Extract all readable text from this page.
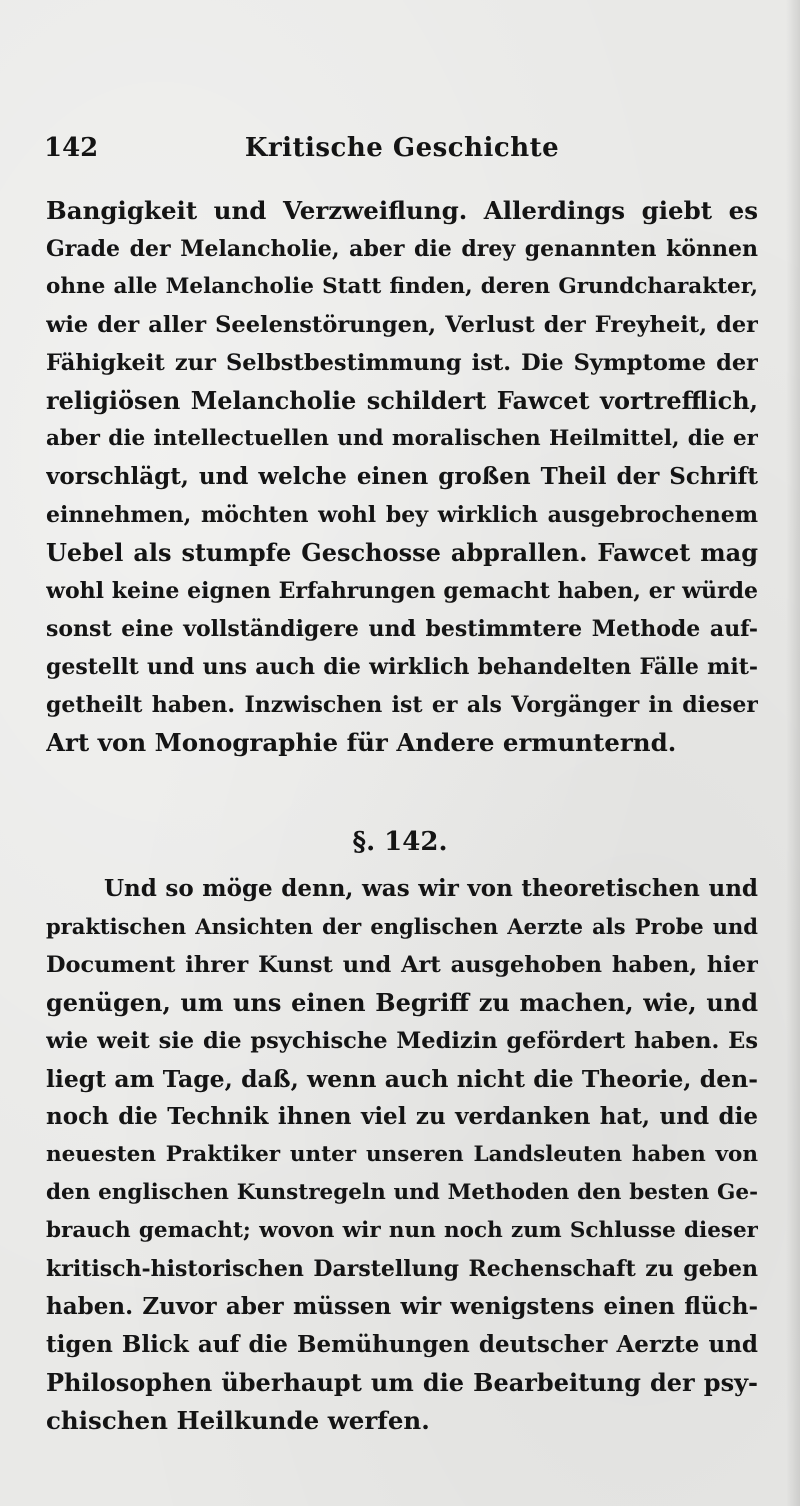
142	Kritische Geschichte
Bangigkeit und Verzweiflung. Allerdings giebt es
Grade der Melancholie, aber die drey genannten können
ohne alle Melancholie Statt finden, deren Grundcharakter,
wie der aller Seelenstörungen, Verlust der Freyheit, der
Fähigkeit zur Selbstbestimmung ist. Die Symptome der
religiösen Melancholie schildert Fawcet vortrefflich,
aber die intellectuellen und moralischen Heilmittel, die er
vorschlägt, und welche einen großen Theil der Schrift
einnehmen, möchten wohl bey wirklich ausgebrochenem
Uebel als stumpfe Geschosse abprallen. Fawcet mag
wohl keine eignen Erfahrungen gemacht haben, er würde
sonst eine vollständigere und bestimmtere Methode auf-
gestellt und uns auch die wirklich behandelten Fälle mit-
getheilt haben. Inzwischen ist er als Vorgänger in dieser
Art von Monographie für Andere ermunternd.
§. 142.
Und so möge denn, was wir von theoretischen und
praktischen Ansichten der englischen Aerzte als Probe und
Document ihrer Kunst und Art ausgehoben haben, hier
genügen, um uns einen Begriff zu machen, wie, und
wie weit sie die psychische Medizin gefördert haben. Es
liegt am Tage, daß, wenn auch nicht die Theorie, den-
noch die Technik ihnen viel zu verdanken hat, und die
neuesten Praktiker unter unseren Landsleuten haben von
den englischen Kunstregeln und Methoden den besten Ge-
brauch gemacht; wovon wir nun noch zum Schlusse dieser
kritisch-historischen Darstellung Rechenschaft zu geben
haben. Zuvor aber müssen wir wenigstens einen flüch-
tigen Blick auf die Bemühungen deutscher Aerzte und
Philosophen überhaupt um die Bearbeitung der psy-
chischen Heilkunde werfen.
